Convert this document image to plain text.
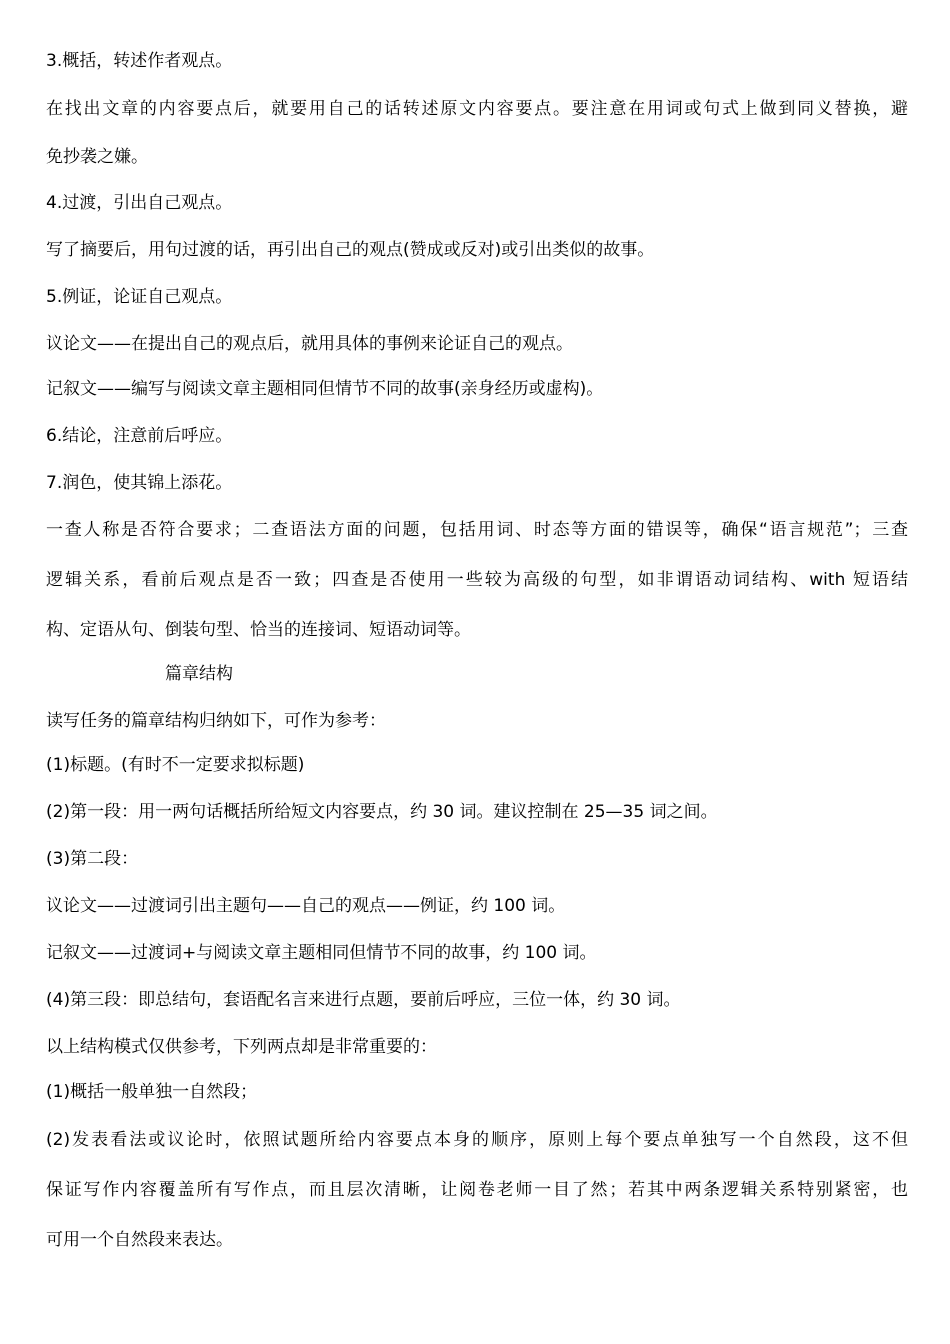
3.概括，转述作者观点。
在找出文章的内容要点后，就要用自己的话转述原文内容要点。要注意在用词或句式上做到同义替换，避
免抄袭之嫌。
4.过渡，引出自己观点。
写了摘要后，用句过渡的话，再引出自己的观点(赞成或反对)或引出类似的故事。
5.例证，论证自己观点。
议论文——在提出自己的观点后，就用具体的事例来论证自己的观点。
记叙文——编写与阅读文章主题相同但情节不同的故事(亲身经历或虚构)。
6.结论，注意前后呼应。
7.润色，使其锦上添花。
一查人称是否符合要求；二查语法方面的问题，包括用词、时态等方面的错误等，确保“语言规范”；三查
逻辑关系，看前后观点是否一致；四查是否使用一些较为高级的句型，如非谓语动词结构、with 短语结
构、定语从句、倒装句型、恰当的连接词、短语动词等。
篇章结构
读写任务的篇章结构归纳如下，可作为参考：
(1)标题。(有时不一定要求拟标题)
(2)第一段：用一两句话概括所给短文内容要点，约 30 词。建议控制在 25—35 词之间。
(3)第二段：
议论文——过渡词引出主题句——自己的观点——例证，约 100 词。
记叙文——过渡词+与阅读文章主题相同但情节不同的故事，约 100 词。
(4)第三段：即总结句，套语配名言来进行点题，要前后呼应，三位一体，约 30 词。
以上结构模式仅供参考，下列两点却是非常重要的：
(1)概括一般单独一自然段；
(2)发表看法或议论时，依照试题所给内容要点本身的顺序，原则上每个要点单独写一个自然段，这不但
保证写作内容覆盖所有写作点，而且层次清晰，让阅卷老师一目了然；若其中两条逻辑关系特别紧密，也
可用一个自然段来表达。
